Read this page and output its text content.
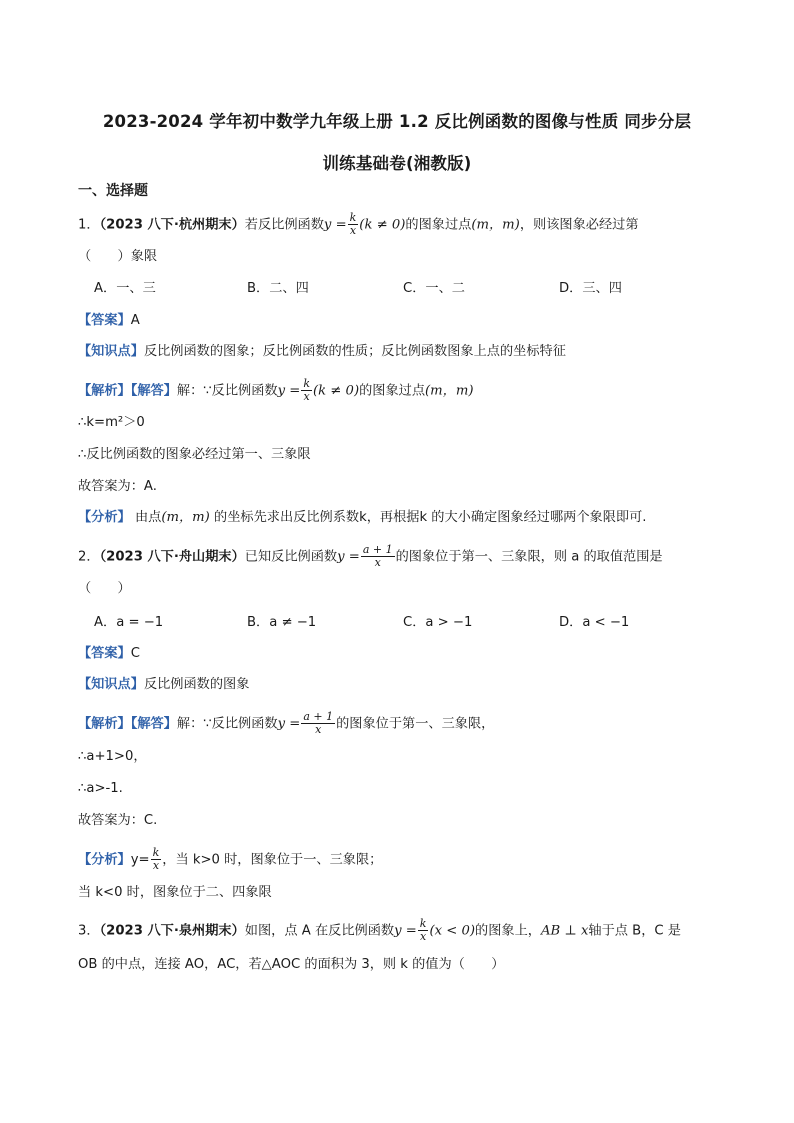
2023-2024 学年初中数学九年级上册 1.2 反比例函数的图像与性质 同步分层
训练基础卷(湘教版)
一、选择题
1．（2023 八下·杭州期末）若反比例函数$y = \frac{k}{x} (k \ne 0)$的图象过点(m，m)，则该图象必经过第
（　　）象限
A．一、三	B．二、四	C．一、二	D．三、四
【答案】A
【知识点】反比例函数的图象；反比例函数的性质；反比例函数图象上点的坐标特征
【解析】【解答】解：∵反比例函数$y = \frac{k}{x} (k \ne 0)$的图象过点(m，m)
∴k=m²＞0
∴反比例函数的图象必经过第一、三象限
故答案为：A.
【分析】 由点(m，m) 的坐标先求出反比例系数k，再根据k 的大小确定图象经过哪两个象限即可.
2．（2023 八下·舟山期末）已知反比例函数$y = \frac{a + 1}{x}$ 的图象位于第一、三象限，则 a 的取值范围是
（　　）
A．a = −1	B．a ≠ −1	C．a > −1	D．a < −1
【答案】C
【知识点】反比例函数的图象
【解析】【解答】解：∵反比例函数$y = \frac{a + 1}{x}$ 的图象位于第一、三象限，
∴a+1>0，
∴a>-1.
故答案为：C.
【分析】$y= \frac{k}{x}$ ，当 k>0 时，图象位于一、三象限；
当 k<0 时，图象位于二、四象限
3．（2023 八下·泉州期末）如图，点 A 在反比例函数$y = \frac{k}{x} (x < 0)$的图象上，AB ⊥ x轴于点 B，C 是
OB 的中点，连接 AO，AC，若△AOC 的面积为 3，则 k 的值为（　　）
